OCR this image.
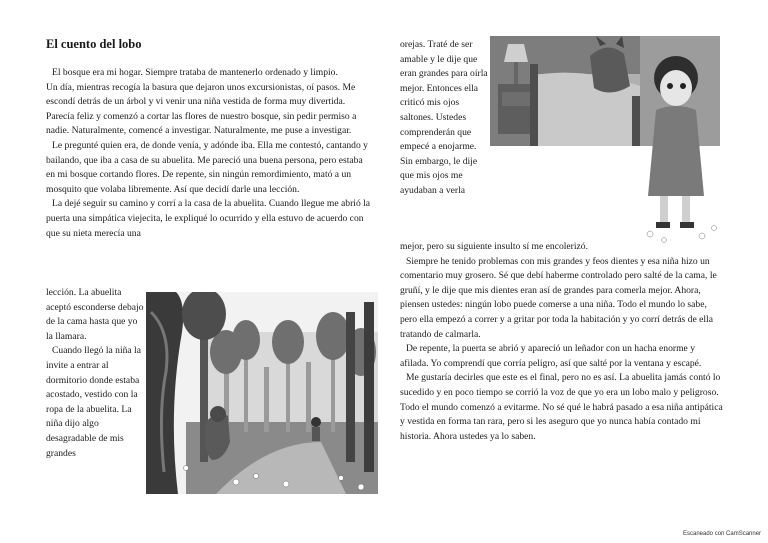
El cuento del lobo

El bosque era mi hogar. Siempre trataba de mantenerlo ordenado y limpio.

Un día, mientras recogía la basura que dejaron unos excursionistas, oí pasos. Me escondí detrás de un árbol y vi venir una niña vestida de forma muy divertida. Parecía feliz y comenzó a cortar las flores de nuestro bosque, sin pedir permiso a nadie. Naturalmente, comencé a investigar. Naturalmente, me puse a investigar.

Le pregunté quien era, de donde venía, y adónde iba. Ella me contestó, cantando y bailando, que iba a casa de su abuelita. Me pareció una buena persona, pero estaba en mi bosque cortando flores. De repente, sin ningún remordimiento, mató a un mosquito que volaba libremente. Así que decidí darle una lección.

La dejé seguir su camino y corrí a la casa de la abuelita. Cuando llegue me abrió la puerta una simpática viejecita, le expliqué lo ocurrido y ella estuvo de acuerdo con que su nieta merecía una

lección. La abuelita aceptó esconderse debajo de la cama hasta que yo la llamara.

Cuando llegó la niña la invite a entrar al dormitorio donde estaba acostado, vestido con la ropa de la abuelita. La niña dijo algo desagradable de mis grandes

orejas. Traté de ser amable y le dije que eran grandes para oírla mejor. Entonces ella criticó mis ojos saltones. Ustedes comprenderán que empecé a enojarme. Sin embargo, le dije que mis ojos me ayudaban a verla

mejor, pero su siguiente insulto sí me encolerizó.

Siempre he tenido problemas con mis grandes y feos dientes y esa niña hizo un comentario muy grosero. Sé que debí haberme controlado pero salté de la cama, le gruñí, y le dije que mis dientes eran así de grandes para comerla mejor. Ahora, piensen ustedes: ningún lobo puede comerse a una niña. Todo el mundo lo sabe, pero ella empezó a correr y a gritar por toda la habitación y yo corrí detrás de ella tratando de calmarla.

De repente, la puerta se abrió y apareció un leñador con un hacha enorme y afilada. Yo comprendí que corría peligro, así que salté por la ventana y escapé.

Me gustaría decirles que este es el final, pero no es así. La abuelita jamás contó lo sucedido y en poco tiempo se corrió la voz de que yo era un lobo malo y peligroso. Todo el mundo comenzó a evitarme. No sé qué le habrá pasado a esa niña antipática y vestida en forma tan rara, pero si les aseguro que yo nunca había contado mi historia. Ahora ustedes ya lo saben.

Escaneado con CamScanner
